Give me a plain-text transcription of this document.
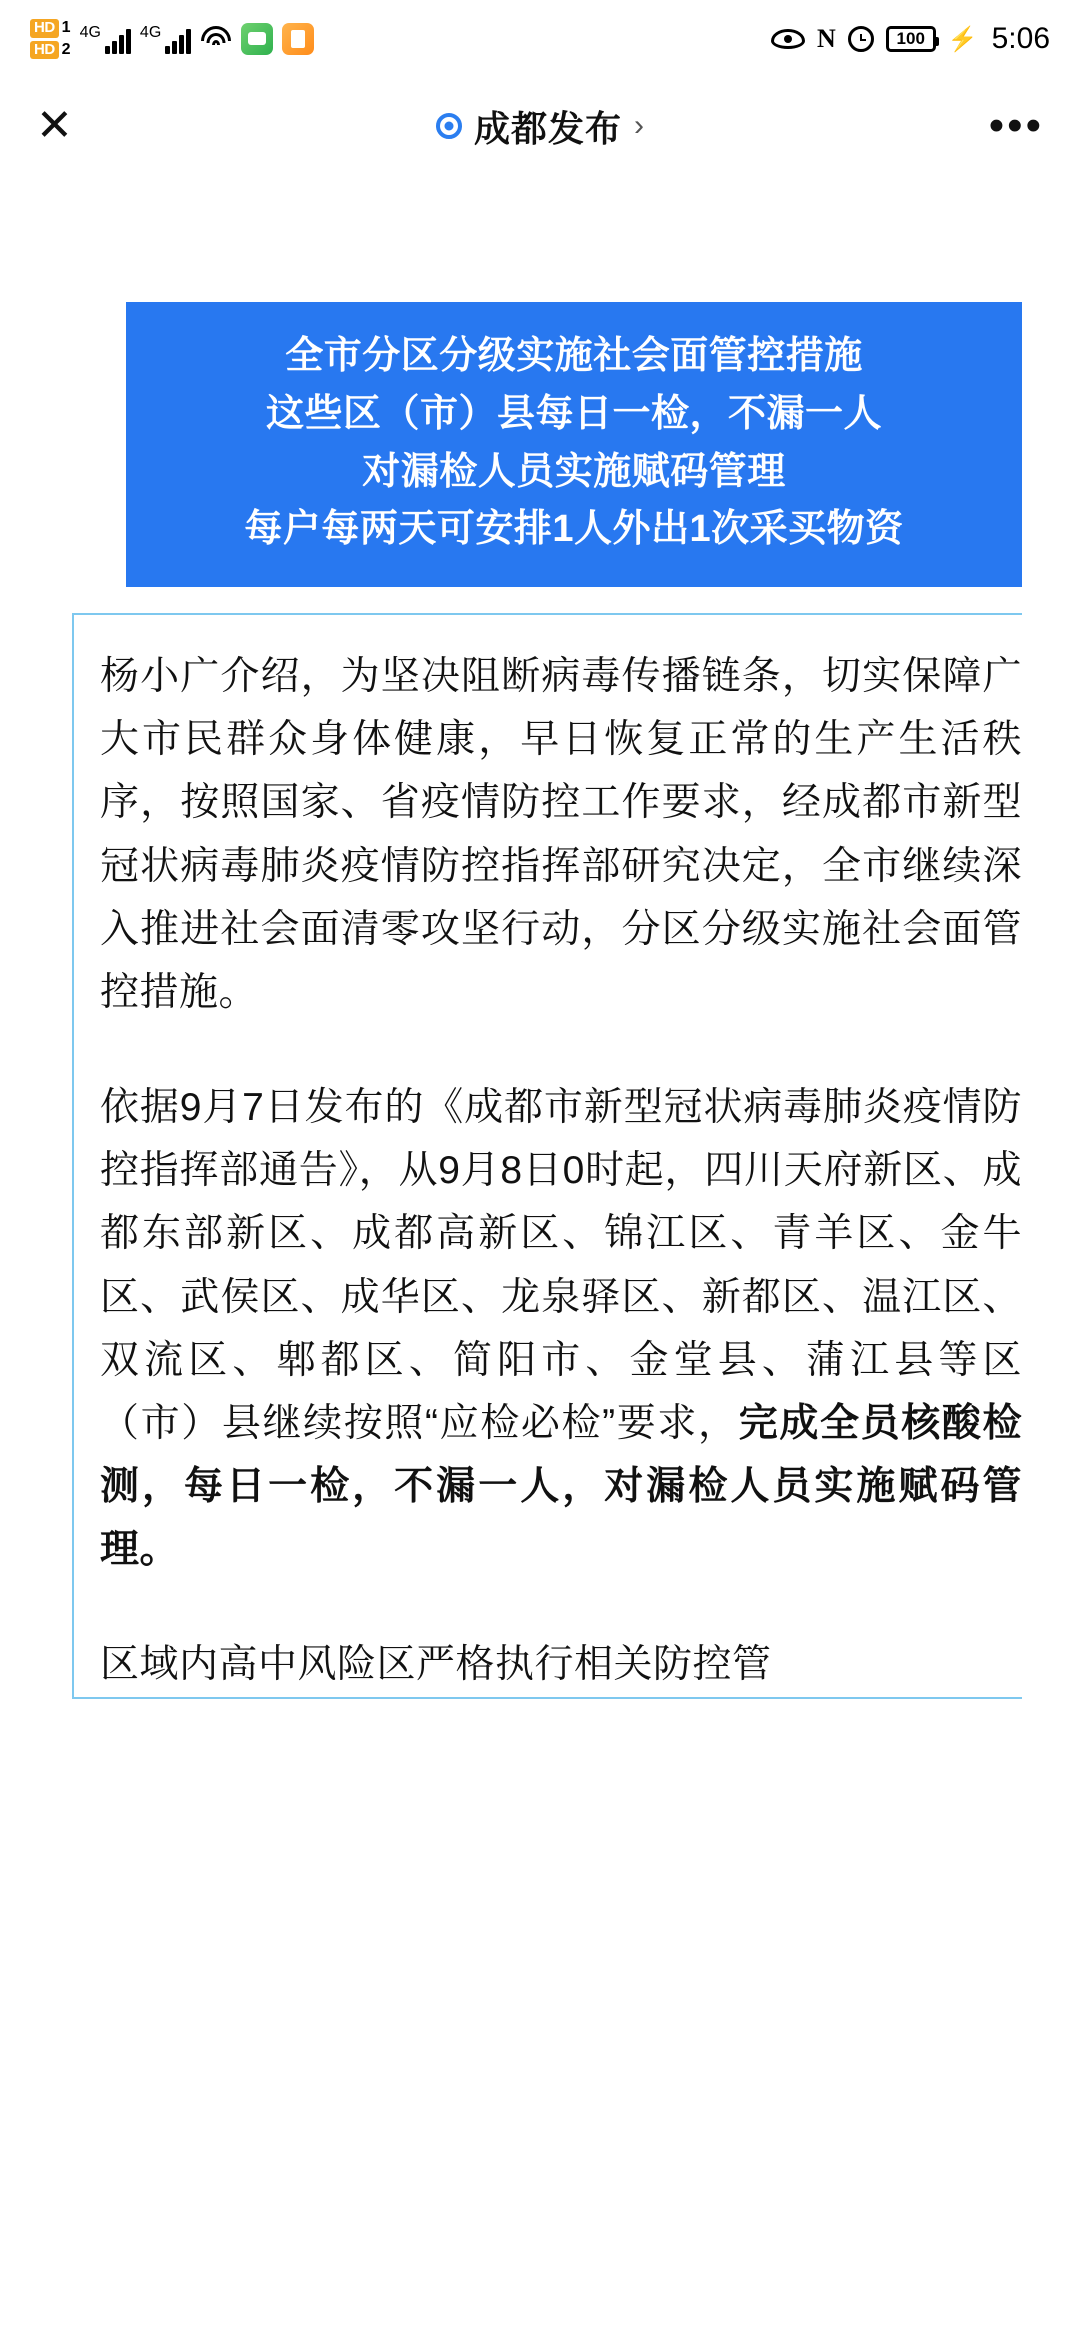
HD 1
HD 2
4G 4G	N	100 ⚡ 5:06
✕	成都发布 ›	•••
全市分区分级实施社会面管控措施
这些区（市）县每日一检，不漏一人
对漏检人员实施赋码管理
每户每两天可安排1人外出1次采买物资

杨小广介绍，为坚决阻断病毒传播链条，切实保障广大市民群众身体健康，早日恢复正常的生产生活秩序，按照国家、省疫情防控工作要求，经成都市新型冠状病毒肺炎疫情防控指挥部研究决定，全市继续深入推进社会面清零攻坚行动，分区分级实施社会面管控措施。

依据9月7日发布的《成都市新型冠状病毒肺炎疫情防控指挥部通告》，从9月8日0时起，四川天府新区、成都东部新区、成都高新区、锦江区、青羊区、金牛区、武侯区、成华区、龙泉驿区、新都区、温江区、双流区、郫都区、简阳市、金堂县、蒲江县等区（市）县继续按照“应检必检”要求，完成全员核酸检测，每日一检，不漏一人，对漏检人员实施赋码管理。

区域内高中风险区严格执行相关防控管
